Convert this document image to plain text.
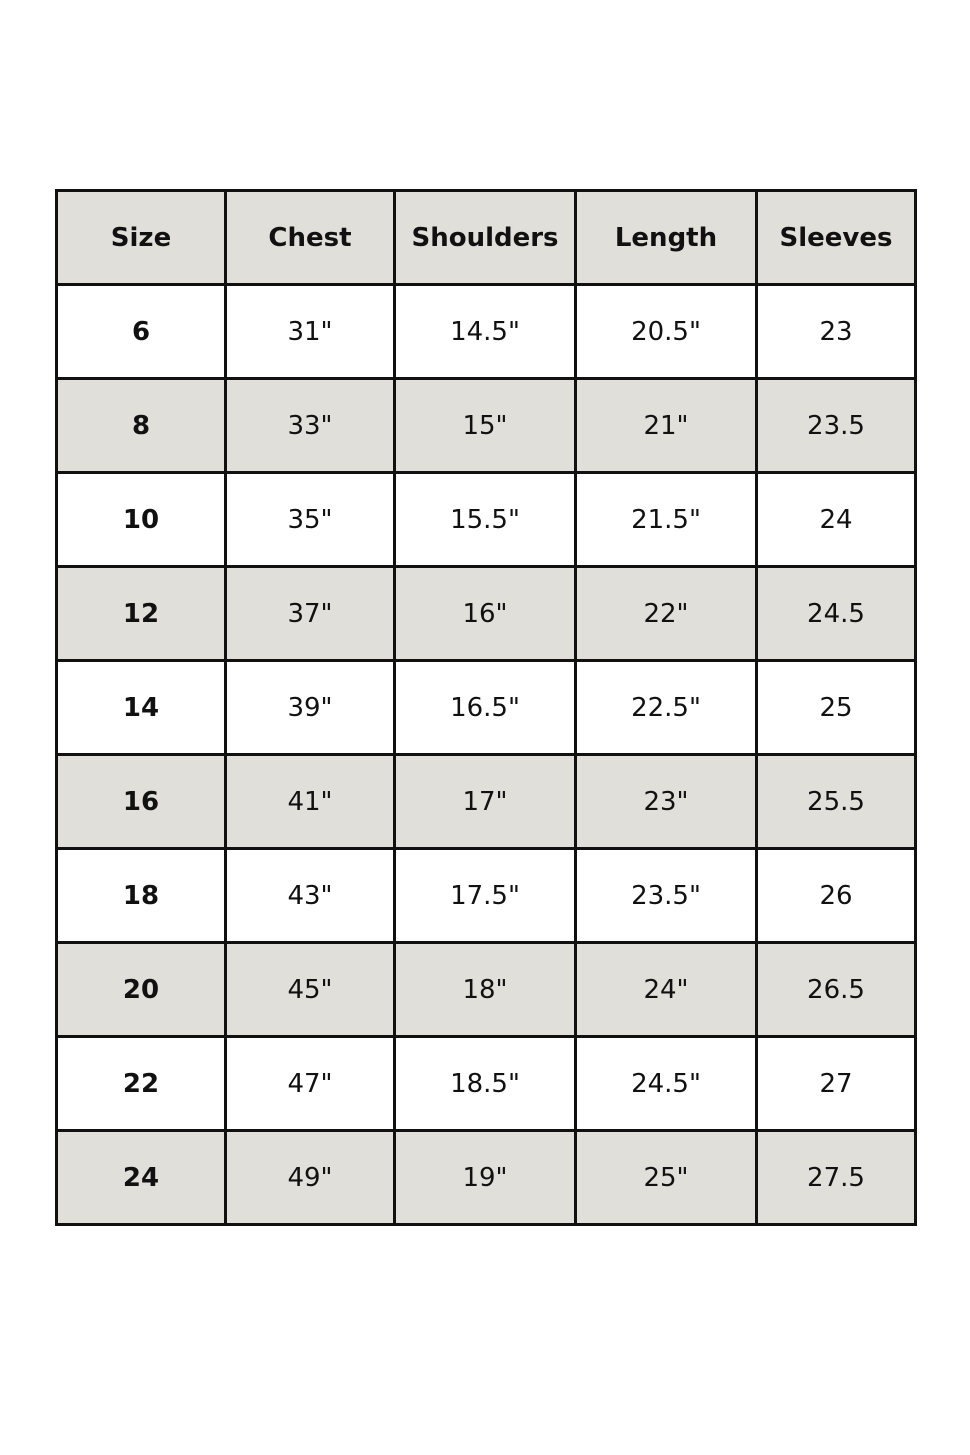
Size	Chest	Shoulders	Length	Sleeves
6	31"	14.5"	20.5"	23
8	33"	15"	21"	23.5
10	35"	15.5"	21.5"	24
12	37"	16"	22"	24.5
14	39"	16.5"	22.5"	25
16	41"	17"	23"	25.5
18	43"	17.5"	23.5"	26
20	45"	18"	24"	26.5
22	47"	18.5"	24.5"	27
24	49"	19"	25"	27.5
